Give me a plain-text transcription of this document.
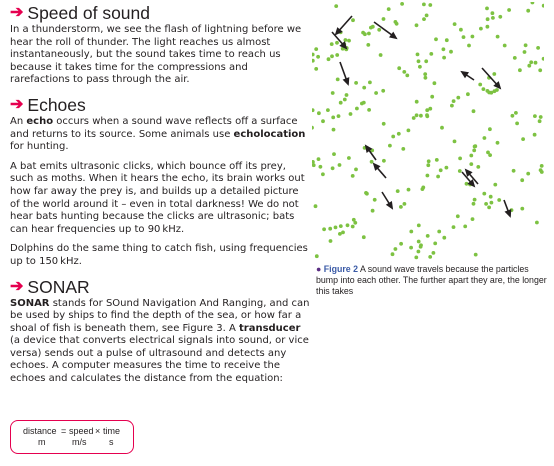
➔ Speed of sound

In a thunderstorm, we see the flash of lightning before we hear the roll of thunder. The light reaches us almost instantaneously, but the sound takes time to reach us because it takes time for the compressions and rarefactions to pass through the air.

➔ Echoes

An echo occurs when a sound wave reflects off a surface and returns to its source. Some animals use echolocation for hunting.

A bat emits ultrasonic clicks, which bounce off its prey, such as moths. When it hears the echo, its brain works out how far away the prey is, and builds up a detailed picture of the world around it – even in total darkness! We do not hear bats hunting because the clicks are ultrasonic; bats can hear frequencies up to 90 kHz.

Dolphins do the same thing to catch fish, using frequencies up to 150 kHz.

➔ SONAR

SONAR stands for SOund Navigation And Ranging, and can be used by ships to find the depth of the sea, or how far a shoal of fish is beneath them, see Figure 3. A transducer (a device that converts electrical signals into sound, or vice versa) sends out a pulse of ultrasound and detects any echoes. A computer measures the time to receive the echoes and calculates the distance from the equation:

distance = speed × time
m	m/s	s
● Figure 2 A sound wave travels because the particles bump into each other. The further apart they are, the longer this takes
